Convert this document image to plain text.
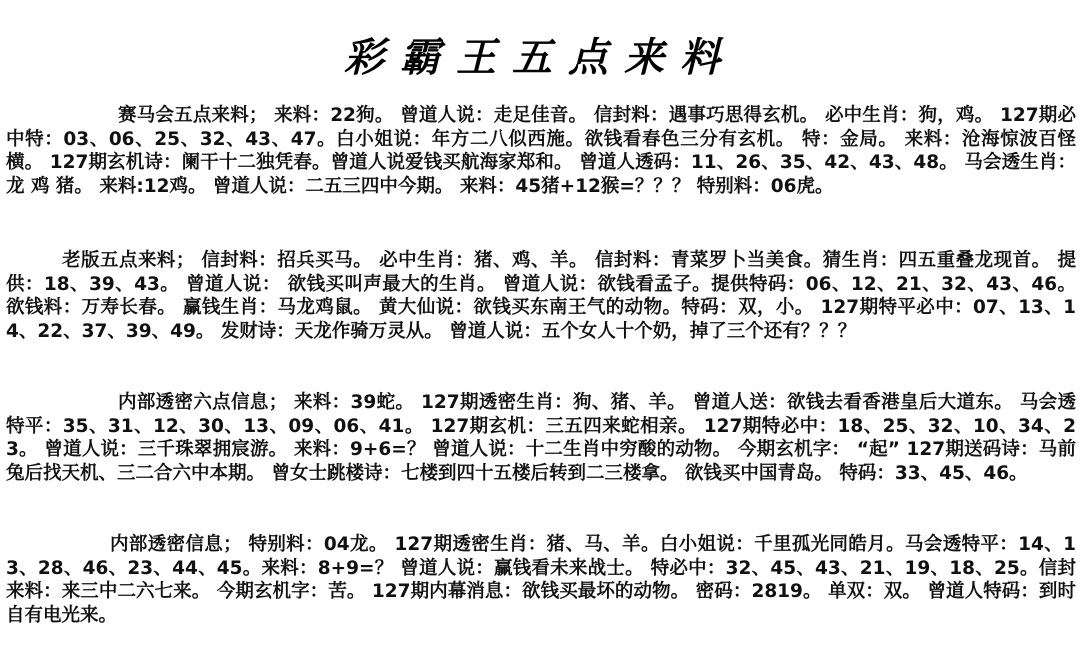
彩霸王五点来料
赛马会五点来料； 来料：22狗。 曾道人说：走足佳音。 信封料：遇事巧思得玄机。 必中生肖：狗，鸡。 127期必中特：03、06、25、32、43、47。白小姐说：年方二八似西施。欲钱看春色三分有玄机。 特：金局。 来料：沧海惊波百怪横。 127期玄机诗：阑干十二独凭春。曾道人说爱钱买航海家郑和。 曾道人透码：11、26、35、42、43、48。 马会透生肖：龙 鸡 猪。 来料:12鸡。 曾道人说：二五三四中今期。 来料：45猪+12猴=？？？ 特别料：06虎。
老版五点来料； 信封料：招兵买马。 必中生肖：猪、鸡、羊。 信封料：青菜罗卜当美食。猜生肖：四五重叠龙现首。 提供：18、39、43。 曾道人说： 欲钱买叫声最大的生肖。 曾道人说：欲钱看孟子。提供特码：06、12、21、32、43、46。 欲钱料：万寿长春。 赢钱生肖：马龙鸡鼠。 黄大仙说：欲钱买东南王气的动物。特码：双，小。 127期特平必中：07、13、14、22、37、39、49。 发财诗：天龙作骑万灵从。 曾道人说：五个女人十个奶，掉了三个还有？？？
内部透密六点信息； 来料：39蛇。 127期透密生肖：狗、猪、羊。 曾道人送：欲钱去看香港皇后大道东。 马会透特平：35、31、12、30、13、09、06、41。 127期玄机：三五四来蛇相亲。 127期特必中：18、25、32、10、34、23。 曾道人说：三千珠翠拥宸游。 来料：9+6=？ 曾道人说：十二生肖中穷酸的动物。 今期玄机字： “起” 127期送码诗：马前兔后找天机、三二合六中本期。 曾女士跳楼诗：七楼到四十五楼后转到二三楼拿。 欲钱买中国青岛。 特码：33、45、46。
内部透密信息； 特别料：04龙。 127期透密生肖：猪、马、羊。白小姐说：千里孤光同皓月。马会透特平：14、13、28、46、23、44、45。来料：8+9=？ 曾道人说：赢钱看未来战士。 特必中：32、45、43、21、19、18、25。信封来料：来三中二六七来。 今期玄机字：苦。 127期内幕消息：欲钱买最坏的动物。 密码：2819。 单双：双。 曾道人特码：到时自有电光来。
